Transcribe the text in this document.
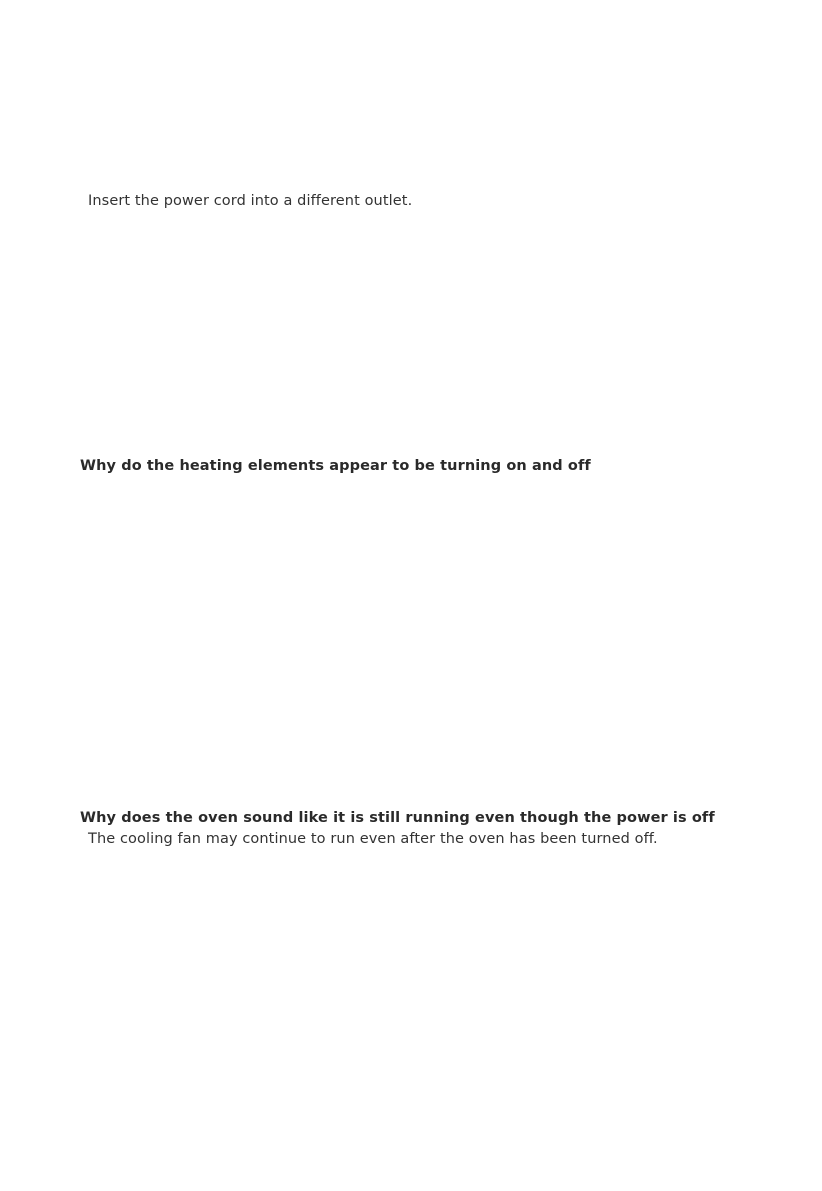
Insert the power cord into a different outlet.
Why do the heating elements appear to be turning on and off
Why does the oven sound like it is still running even though the power is off
The cooling fan may continue to run even after the oven has been turned off.
